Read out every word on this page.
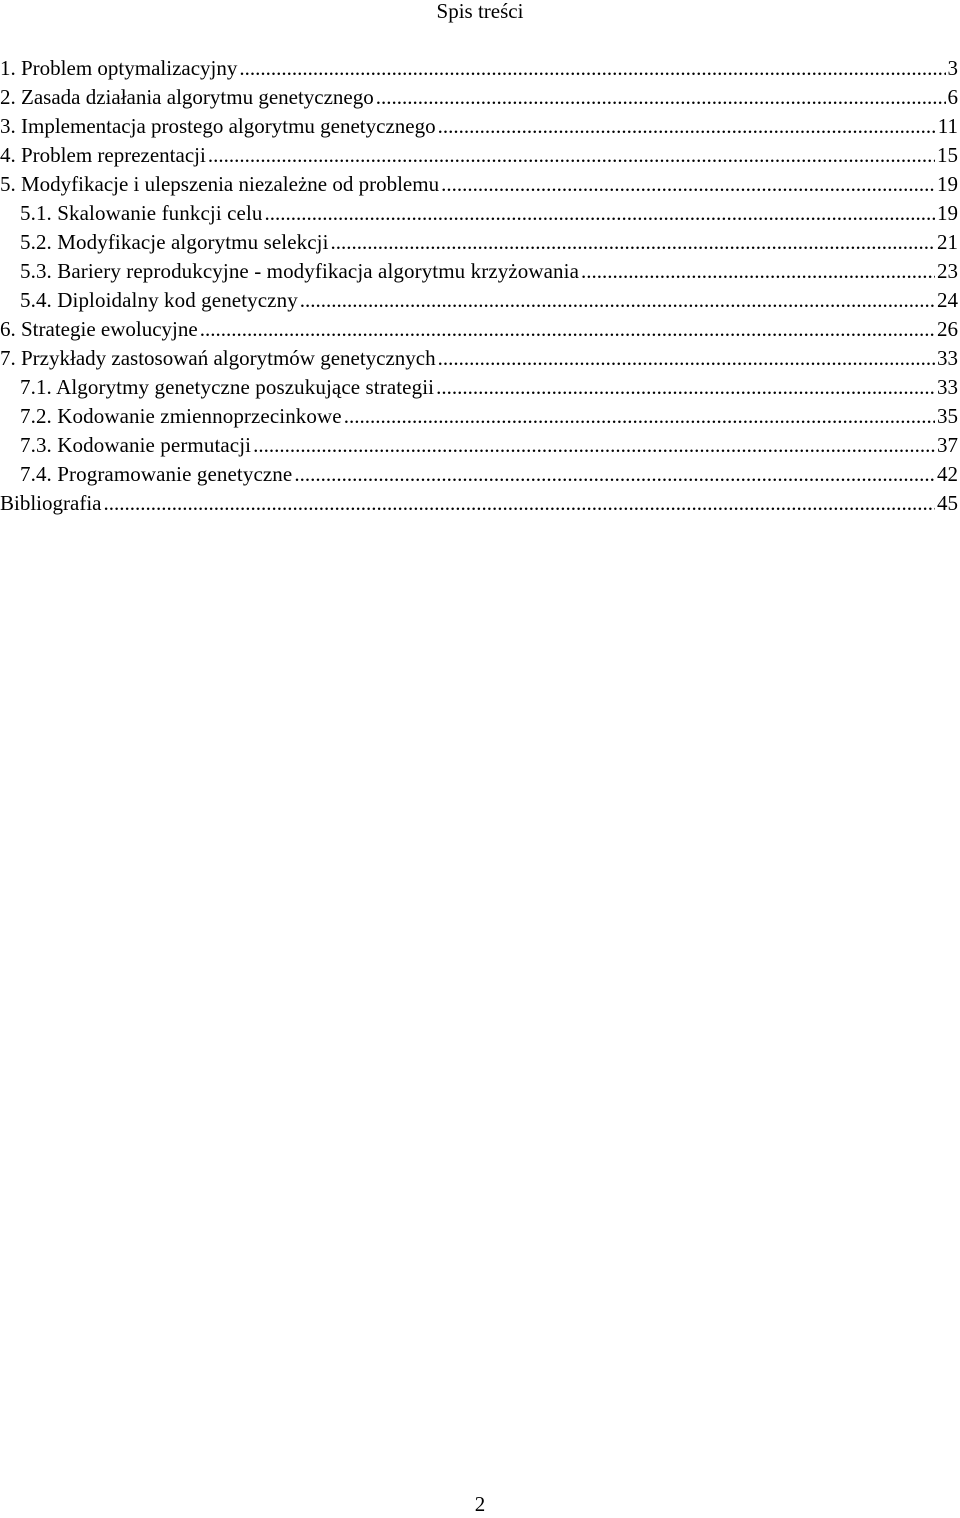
Spis treści
1. Problem optymalizacyjny .....	3
2. Zasada działania algorytmu genetycznego .....	6
3. Implementacja prostego algorytmu genetycznego .....	11
4. Problem reprezentacji .....	15
5. Modyfikacje i ulepszenia niezależne od problemu .....	19
5.1. Skalowanie funkcji celu .....	19
5.2. Modyfikacje algorytmu selekcji .....	21
5.3. Bariery reprodukcyjne - modyfikacja algorytmu krzyżowania .....	23
5.4. Diploidalny kod genetyczny .....	24
6. Strategie ewolucyjne .....	26
7. Przykłady zastosowań algorytmów genetycznych .....	33
7.1. Algorytmy genetyczne poszukujące strategii .....	33
7.2. Kodowanie zmiennoprzecinkowe .....	35
7.3. Kodowanie permutacji .....	37
7.4. Programowanie genetyczne .....	42
Bibliografia .....	45
2
